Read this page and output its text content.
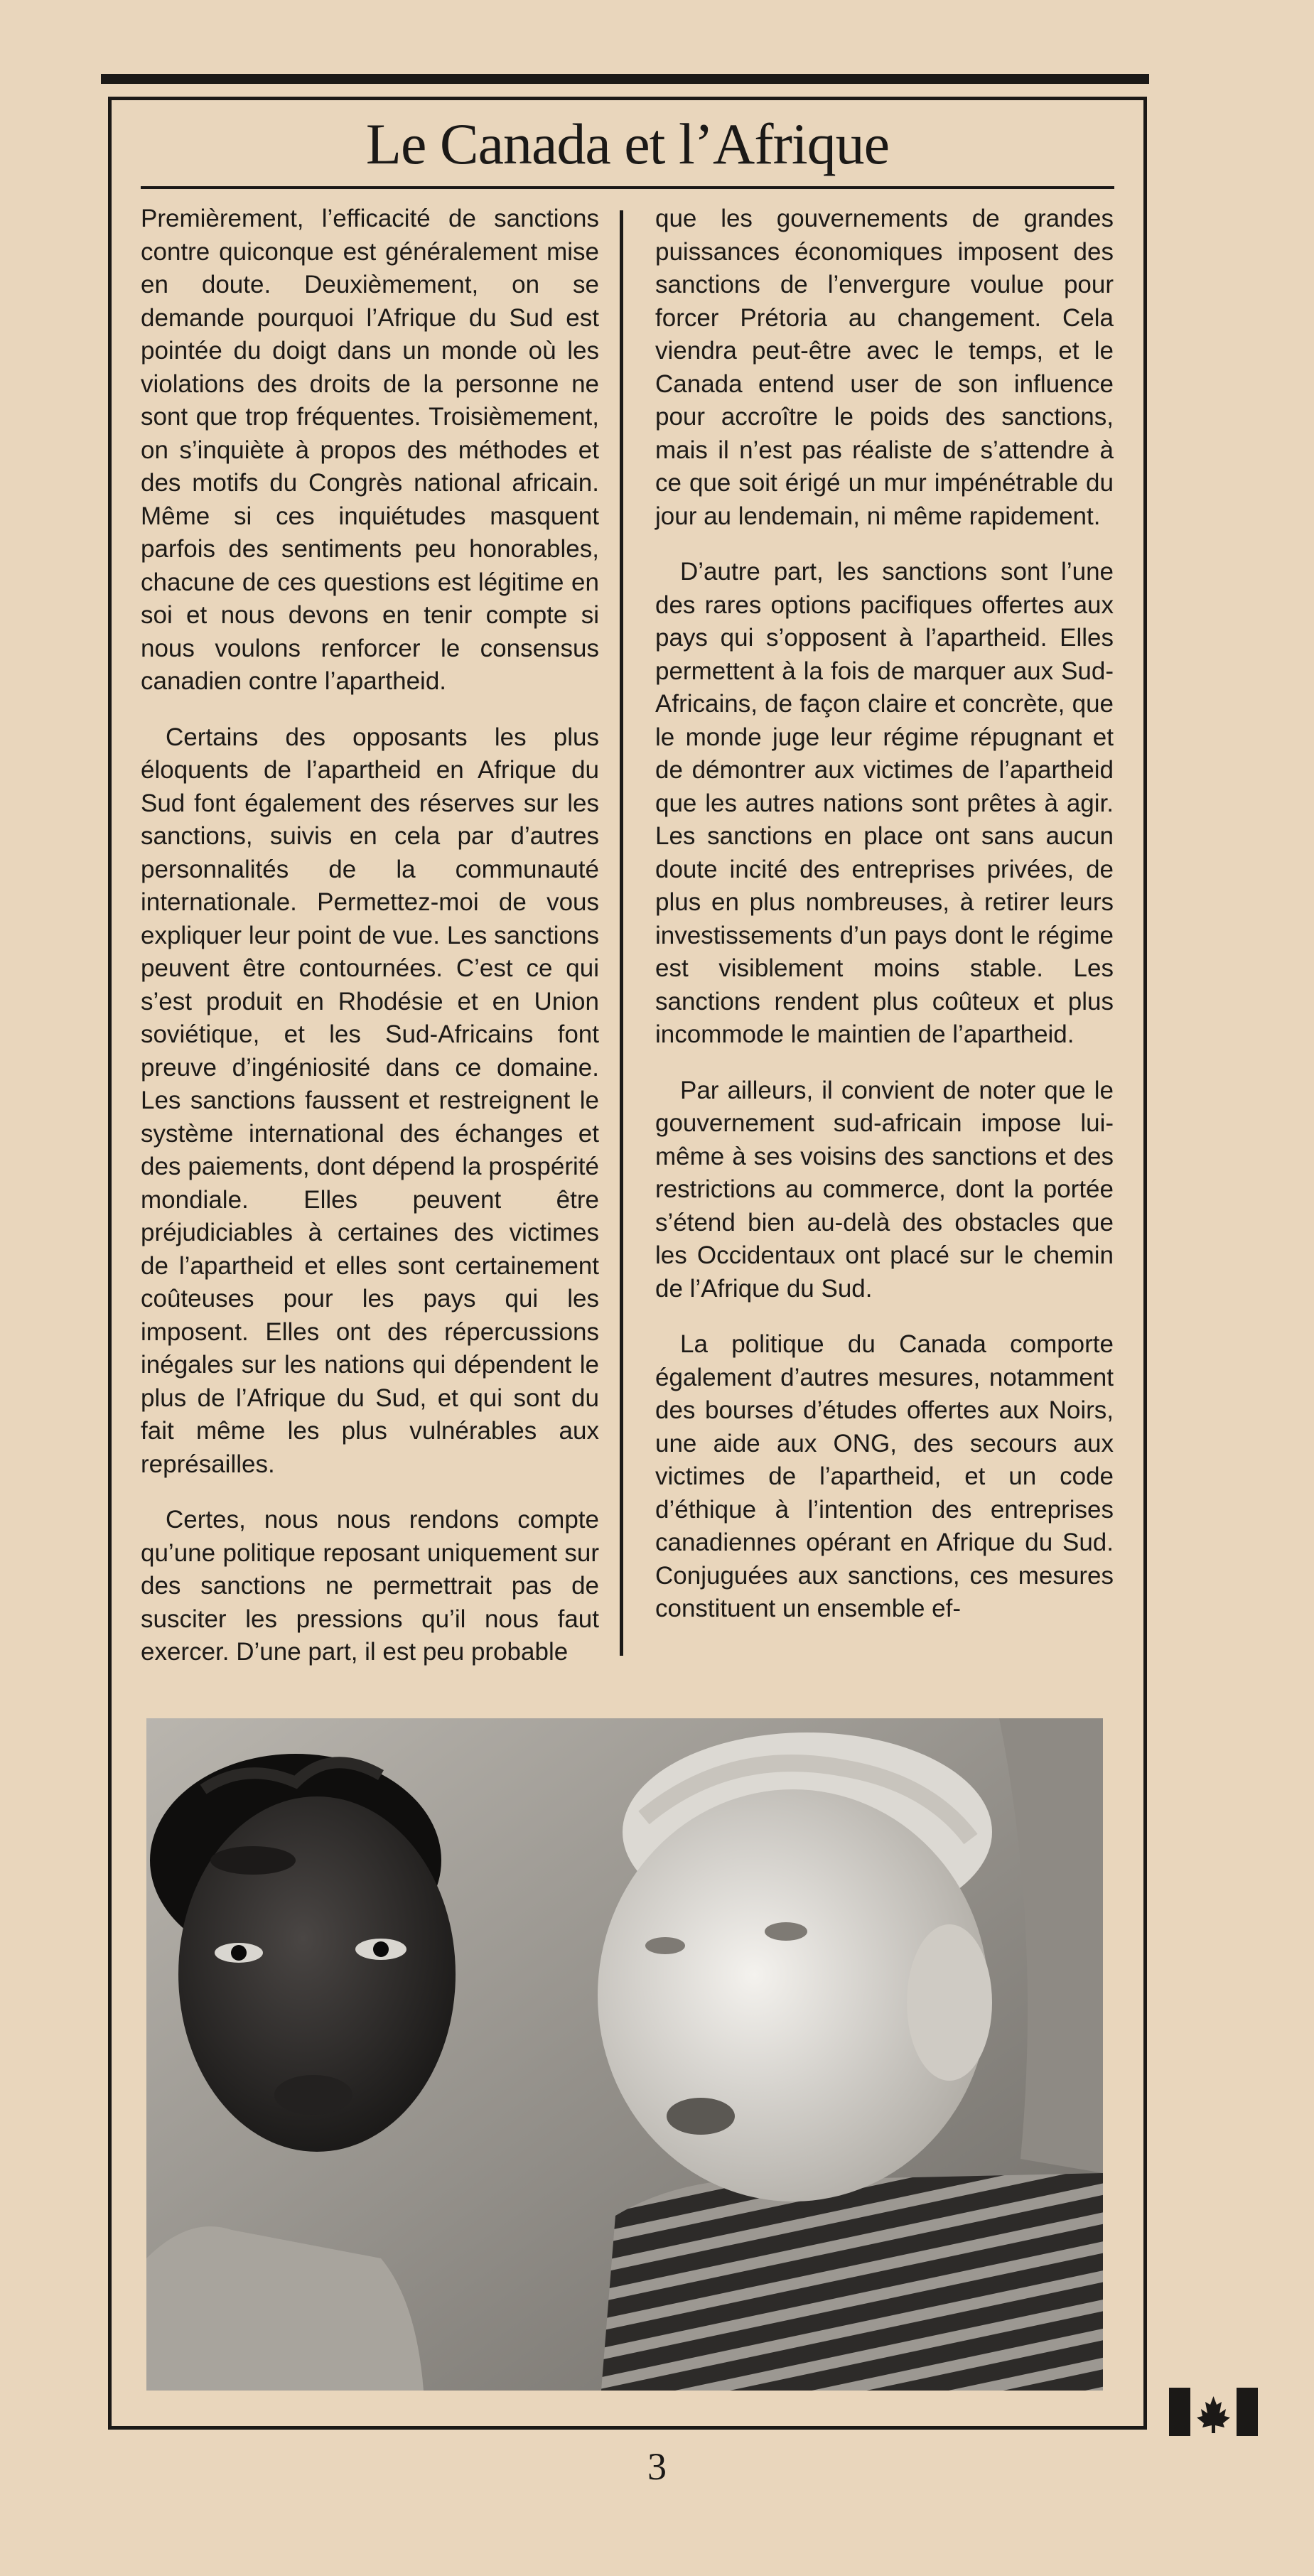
Le Canada et l’Afrique

Premièrement, l’efficacité de sanctions contre quiconque est généralement mise en doute. Deuxièmement, on se demande pourquoi l’Afrique du Sud est pointée du doigt dans un monde où les violations des droits de la personne ne sont que trop fréquentes. Troisièmement, on s’inquiète à propos des méthodes et des motifs du Congrès national africain. Même si ces inquiétudes masquent parfois des sentiments peu honorables, chacune de ces questions est légitime en soi et nous devons en tenir compte si nous voulons renforcer le consensus canadien contre l’apartheid.

Certains des opposants les plus éloquents de l’apartheid en Afrique du Sud font également des réserves sur les sanctions, suivis en cela par d’autres personnalités de la communauté internationale. Permettez-moi de vous expliquer leur point de vue. Les sanctions peuvent être contournées. C’est ce qui s’est produit en Rhodésie et en Union soviétique, et les Sud-Africains font preuve d’ingéniosité dans ce domaine. Les sanctions faussent et restreignent le système international des échanges et des paiements, dont dépend la prospérité mondiale. Elles peuvent être préjudiciables à certaines des victimes de l’apartheid et elles sont certainement coûteuses pour les pays qui les imposent. Elles ont des répercussions inégales sur les nations qui dépendent le plus de l’Afrique du Sud, et qui sont du fait même les plus vulnérables aux représailles.

Certes, nous nous rendons compte qu’une politique reposant uniquement sur des sanctions ne permettrait pas de susciter les pressions qu’il nous faut exercer. D’une part, il est peu probable

que les gouvernements de grandes puissances économiques imposent des sanctions de l’envergure voulue pour forcer Prétoria au changement. Cela viendra peut-être avec le temps, et le Canada entend user de son influence pour accroître le poids des sanctions, mais il n’est pas réaliste de s’attendre à ce que soit érigé un mur impénétrable du jour au lendemain, ni même rapidement.

D’autre part, les sanctions sont l’une des rares options pacifiques offertes aux pays qui s’opposent à l’apartheid. Elles permettent à la fois de marquer aux Sud-Africains, de façon claire et concrète, que le monde juge leur régime répugnant et de démontrer aux victimes de l’apartheid que les autres nations sont prêtes à agir. Les sanctions en place ont sans aucun doute incité des entreprises privées, de plus en plus nombreuses, à retirer leurs investissements d’un pays dont le régime est visiblement moins stable. Les sanctions rendent plus coûteux et plus incommode le maintien de l’apartheid.

Par ailleurs, il convient de noter que le gouvernement sud-africain impose lui-même à ses voisins des sanctions et des restrictions au commerce, dont la portée s’étend bien au-delà des obstacles que les Occidentaux ont placé sur le chemin de l’Afrique du Sud.

La politique du Canada comporte également d’autres mesures, notamment des bourses d’études offertes aux Noirs, une aide aux ONG, des secours aux victimes de l’apartheid, et un code d’éthique à l’intention des entreprises canadiennes opérant en Afrique du Sud. Conjuguées aux sanctions, ces mesures constituent un ensemble ef-

3
